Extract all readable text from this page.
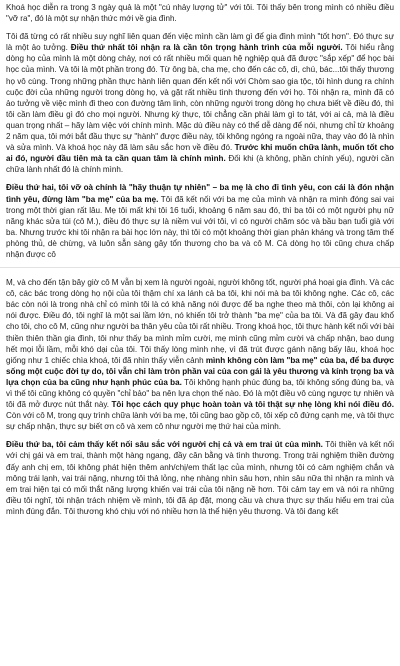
Khoá học diễn ra trong 3 ngày quả là một "cú nhảy lượng tử" với tôi. Tôi thấy bên trong mình có nhiều điều "vỡ ra", đó là một sự nhận thức mới về gia đình.

Tôi đã từng có rất nhiều suy nghĩ liên quan đến việc mình cần làm gì để gia đình mình "tốt hơn". Đó thực sự là một ảo tưởng. Điều thứ nhất tôi nhận ra là cần tôn trọng hành trình của mỗi người. Tôi hiểu rằng dòng họ của mình là một dòng chảy, nơi có rất nhiều mối quan hệ nghiệp quả đã được "sắp xếp" để học bài học của mình. Và tôi là một phần trong đó. Từ ông bà, cha mẹ, cho đến các cô, dì, chú, bác...tôi thấy thương họ vô cùng. Trong những phần thực hành liên quan đến kết nối với Chòm sao gia tộc, tôi hình dung ra chính cuộc đời của những người trong dòng họ, và gặt rất nhiều tình thương đến với họ. Tôi nhận ra, mình đã có ảo tưởng về việc mình đi theo con đường tâm linh, còn những người trong dòng họ chưa biết về điều đó, thì tôi cần làm điều gì đó cho mọi người. Nhưng kỳ thực, tôi chẳng cần phải làm gì to tát, với ai cả, mà là điều quan trọng nhất – hãy làm việc với chính mình. Mặc dù điều này có thể dễ dàng để nói, nhưng chỉ từ khoảng 2 năm qua, tôi mới bắt đầu thực sự "hành" được điều này, tôi không ngóng ra ngoài nữa, thay vào đó là nhìn và sửa mình. Và khoá học này đã làm sâu sắc hơn về điều đó. Trước khi muốn chữa lành, muốn tốt cho ai đó, người đầu tiên mà ta cần quan tâm là chính mình. Đối khi (à không, phần chính yếu), người cần chữa lành nhất đó là chính mình.

Điều thứ hai, tôi vỡ oà chính là "hãy thuận tự nhiên" – ba mẹ là cho đi tình yêu, con cái là đón nhận tình yêu, đừng làm "ba mẹ" của ba mẹ. Tôi đã kết nối với ba mẹ của mình và nhận ra mình đóng sai vai trong một thời gian rất lâu. Mẹ tôi mất khi tôi 16 tuổi, khoảng 6 năm sau đó, thì ba tôi có một người phụ nữ năng khác sửa túi (cô M.), điều đó thực sự là niềm vui với tôi, vì có người chăm sóc và bầu bạn tuổi già với ba. Nhưng trước khi tôi nhận ra bài học lớn này, thì tôi có một khoảng thời gian phản kháng và trong tâm thế phòng thủ, dè chừng, và luôn sẵn sàng gây tổn thương cho ba và cô M. Cả dòng họ tôi cũng chưa chấp nhận được cô

M, và cho đến tận bây giờ cô M vẫn bị xem là người ngoài, người không tốt, người phá hoại gia đình. Và các cô, các bác trong dòng họ nội của tôi thậm chí xa lánh cả ba tôi, khi nói mà ba tôi không nghe. Các cô, các bác còn nói là trong nhà chỉ có mình tôi là có khả năng nói được để ba nghe theo mà thôi, còn lại không ai nói được. Điều đó, tôi nghĩ là một sai lầm lớn, nó khiến tôi trở thành "ba mẹ" của ba tôi. Và đã gây đau khổ cho tôi, cho cô M, cũng như người ba thân yêu của tôi rất nhiều. Trong khoá học, tôi thực hành kết nối với bài thiền thiên thần gia đình, tôi như thấy ba mình mỉm cười, mẹ mình cũng mỉm cười và chấp nhận, bao dung hết mọi lỗi lầm, mỗi khó dại của tôi. Tôi thấy lòng mình nhẹ, vì đã trút được gánh nặng bấy lâu, khoá học giống như 1 chiếc chìa khoá, tôi đã nhìn thấy viễn cảnh mình không còn làm "ba mẹ" của ba, để ba được sống một cuộc đời tự do, tôi vẫn chỉ làm tròn phần vai của con gái là yêu thương và kính trọng ba và lựa chọn của ba cũng như hạnh phúc của ba. Tôi không hạnh phúc đúng ba, tôi không sống đúng ba, và vì thế tôi cũng không có quyền "chỉ bảo" ba nên lựa chọn thế nào. Đó là một điều vô cùng ngược tự nhiên và tôi đã mở được nút thắt này. Tôi học cách quy phục hoàn toàn và tôi thật sự nhẹ lòng khi nói điều đó. Còn với cô M, trong quy trình chữa lành với ba mẹ, tôi cũng bao gồp cô, tôi xếp cô đứng cạnh mẹ, và tôi thực sự chấp nhận, thực sự biết ơn cô và xem cô như người mẹ thứ hai của mình.

Điều thứ ba, tôi cảm thấy kết nối sâu sắc với người chị cả và em trai út của mình. Tôi thiền và kết nối với chị gái và em trai, thành một hàng ngang, đầy cân bằng và tình thương. Trong trải nghiệm thiền đường đấy anh chị em, tôi không phát hiện thêm anh/chị/em thất lạc của mình, nhưng tôi có cảm nghiệm chắn và mông trái lạnh, vai trái nặng, nhưng tôi thả lỏng, nhẹ nhàng nhìn sâu hơn, nhìn sâu nữa thì nhận ra mình và em trai hiện tại có mối thắt năng lượng khiến vai trái của tôi nặng nề hơn. Tôi cảm tay em và nói ra những điều tôi nghĩ, tôi nhận trách nhiệm về mình, tôi đã áp đặt, mong cầu và chưa thực sự thấu hiểu em trai của mình đúng đắn. Tôi thương khó chịu với nó nhiều hơn là thể hiện yêu thương. Và tôi đang kết
